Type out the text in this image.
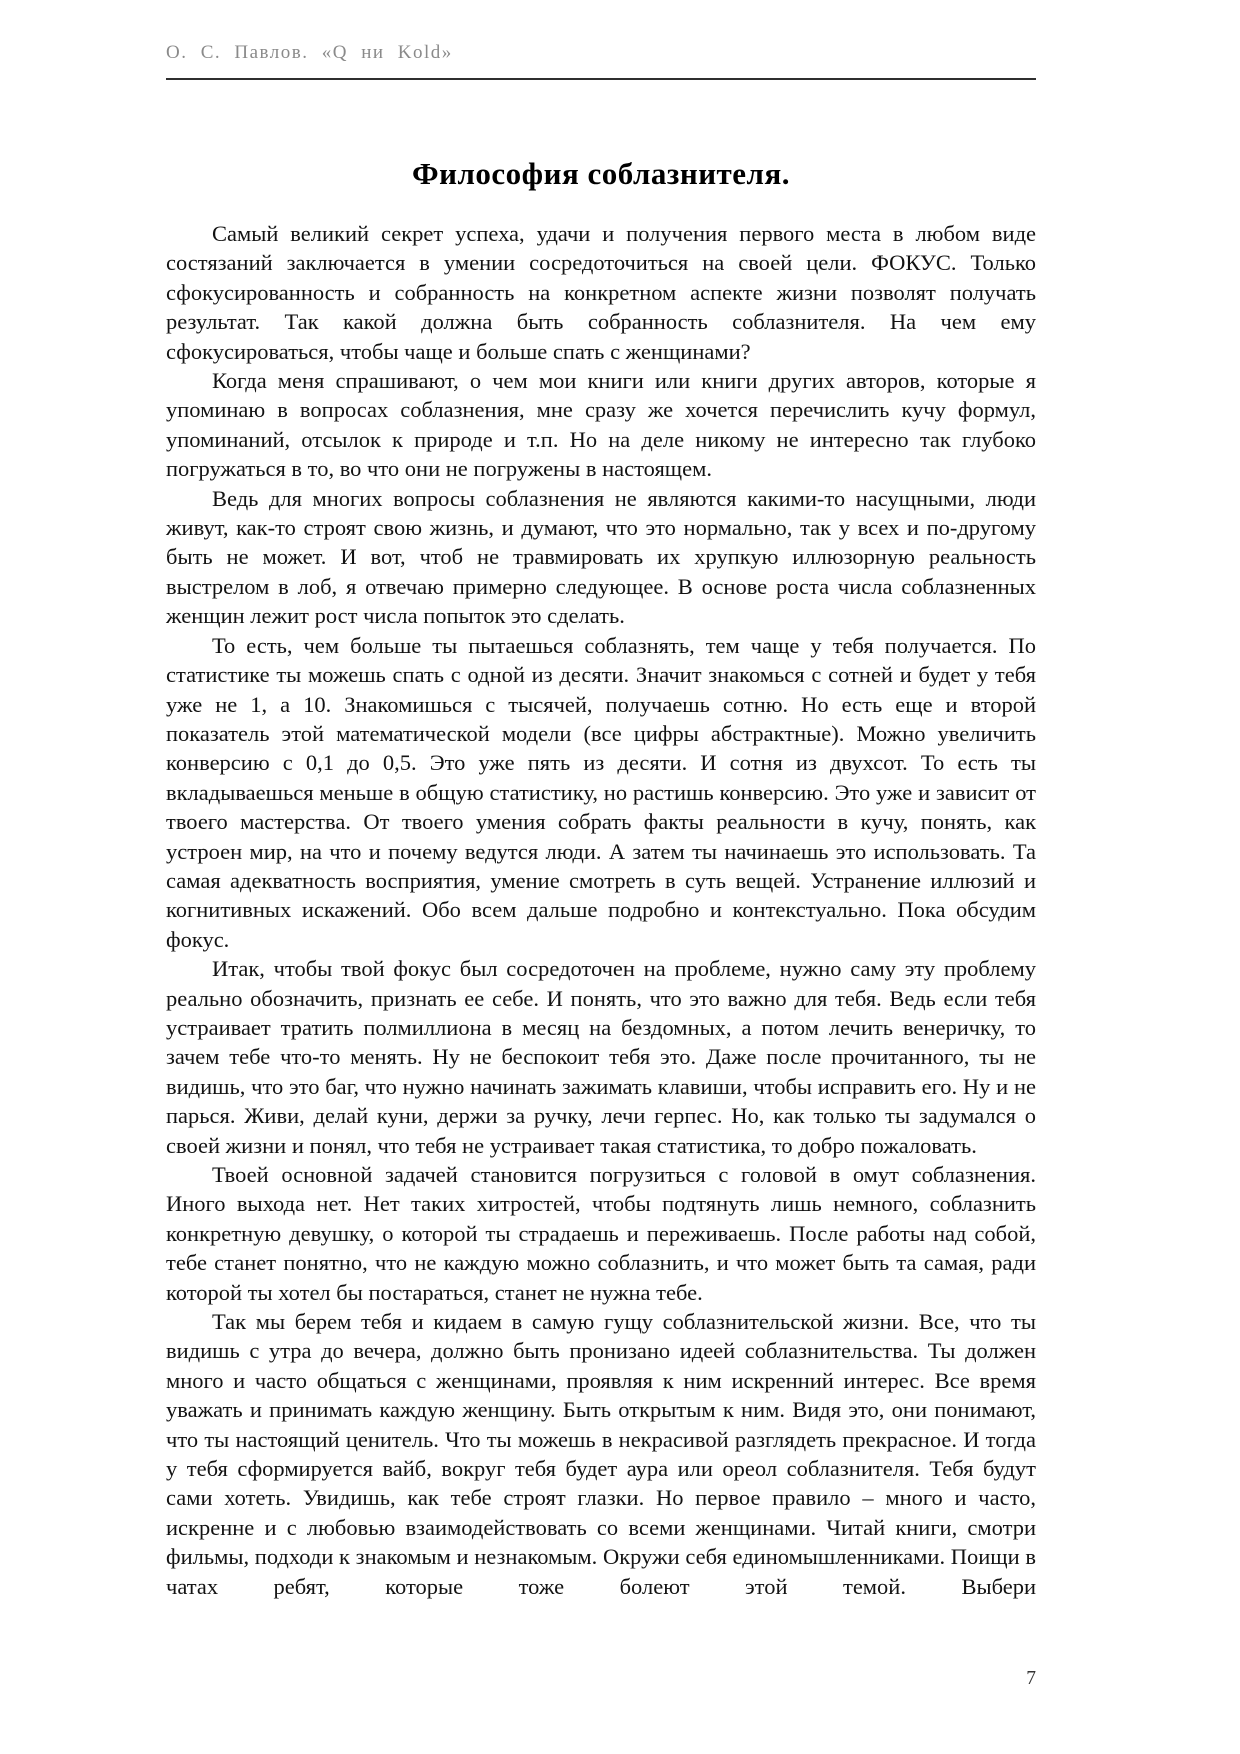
О. С. Павлов. «Q ни Kold»
Философия соблазнителя.

Самый великий секрет успеха, удачи и получения первого места в любом виде состязаний заключается в умении сосредоточиться на своей цели. ФОКУС. Только сфокусированность и собранность на конкретном аспекте жизни позволят получать результат. Так какой должна быть собранность соблазнителя. На чем ему сфокусироваться, чтобы чаще и больше спать с женщинами?

Когда меня спрашивают, о чем мои книги или книги других авторов, которые я упоминаю в вопросах соблазнения, мне сразу же хочется перечислить кучу формул, упоминаний, отсылок к природе и т.п. Но на деле никому не интересно так глубоко погружаться в то, во что они не погружены в настоящем.

Ведь для многих вопросы соблазнения не являются какими-то насущными, люди живут, как-то строят свою жизнь, и думают, что это нормально, так у всех и по-другому быть не может. И вот, чтоб не травмировать их хрупкую иллюзорную реальность выстрелом в лоб, я отвечаю примерно следующее. В основе роста числа соблазненных женщин лежит рост числа попыток это сделать.

То есть, чем больше ты пытаешься соблазнять, тем чаще у тебя получается. По статистике ты можешь спать с одной из десяти. Значит знакомься с сотней и будет у тебя уже не 1, а 10. Знакомишься с тысячей, получаешь сотню. Но есть еще и второй показатель этой математической модели (все цифры абстрактные). Можно увеличить конверсию с 0,1 до 0,5. Это уже пять из десяти. И сотня из двухсот. То есть ты вкладываешься меньше в общую статистику, но растишь конверсию. Это уже и зависит от твоего мастерства. От твоего умения собрать факты реальности в кучу, понять, как устроен мир, на что и почему ведутся люди. А затем ты начинаешь это использовать. Та самая адекватность восприятия, умение смотреть в суть вещей. Устранение иллюзий и когнитивных искажений. Обо всем дальше подробно и контекстуально. Пока обсудим фокус.

Итак, чтобы твой фокус был сосредоточен на проблеме, нужно саму эту проблему реально обозначить, признать ее себе. И понять, что это важно для тебя. Ведь если тебя устраивает тратить полмиллиона в месяц на бездомных, а потом лечить венеричку, то зачем тебе что-то менять. Ну не беспокоит тебя это. Даже после прочитанного, ты не видишь, что это баг, что нужно начинать зажимать клавиши, чтобы исправить его. Ну и не парься. Живи, делай куни, держи за ручку, лечи герпес. Но, как только ты задумался о своей жизни и понял, что тебя не устраивает такая статистика, то добро пожаловать.

Твоей основной задачей становится погрузиться с головой в омут соблазнения. Иного выхода нет. Нет таких хитростей, чтобы подтянуть лишь немного, соблазнить конкретную девушку, о которой ты страдаешь и переживаешь. После работы над собой, тебе станет понятно, что не каждую можно соблазнить, и что может быть та самая, ради которой ты хотел бы постараться, станет не нужна тебе.

Так мы берем тебя и кидаем в самую гущу соблазнительской жизни. Все, что ты видишь с утра до вечера, должно быть пронизано идеей соблазнительства. Ты должен много и часто общаться с женщинами, проявляя к ним искренний интерес. Все время уважать и принимать каждую женщину. Быть открытым к ним. Видя это, они понимают, что ты настоящий ценитель. Что ты можешь в некрасивой разглядеть прекрасное. И тогда у тебя сформируется вайб, вокруг тебя будет аура или ореол соблазнителя. Тебя будут сами хотеть. Увидишь, как тебе строят глазки. Но первое правило – много и часто, искренне и с любовью взаимодействовать со всеми женщинами. Читай книги, смотри фильмы, подходи к знакомым и незнакомым. Окружи себя единомышленниками. Поищи в чатах ребят, которые тоже болеют этой темой. Выбери

7
